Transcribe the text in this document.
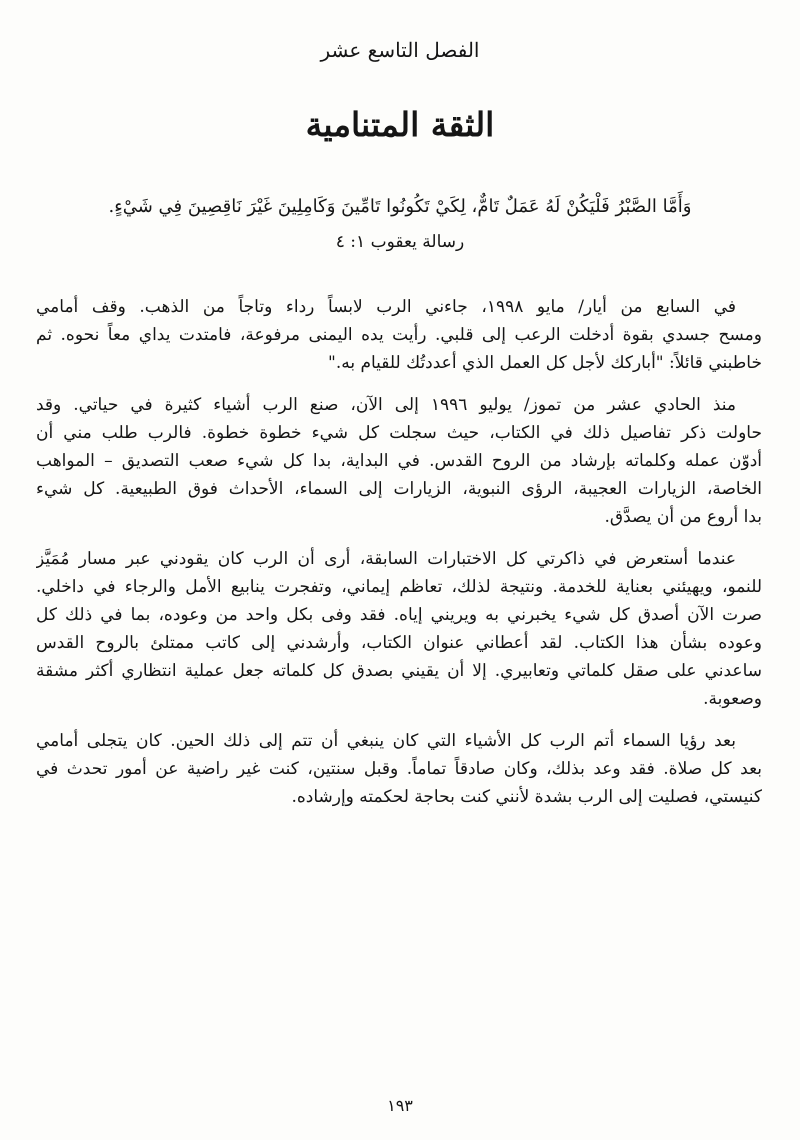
الفصل التاسع عشر
الثقة المتنامية
وَأَمَّا الصَّبْرُ فَلْيَكُنْ لَهُ عَمَلٌ تَامٌّ، لِكَيْ تَكُونُوا تَامِّينَ وَكَامِلِينَ غَيْرَ نَاقِصِينَ فِي شَيْءٍ.
رسالة يعقوب ١: ٤
في السابع من أيار/ مايو ١٩٩٨، جاءني الرب لابساً رداء وتاجاً من الذهب. وقف أمامي
ومسح جسدي بقوة أدخلت الرعب إلى قلبي. رأيت يده اليمنى مرفوعة، فامتدت يداي معاً نحوه. ثم
خاطبني قائلاً: "أباركك لأجل كل العمل الذي أعددتُك للقيام به."
منذ الحادي عشر من تموز/ يوليو ١٩٩٦ إلى الآن، صنع الرب أشياء كثيرة في حياتي. وقد
حاولت ذكر تفاصيل ذلك في الكتاب، حيث سجلت كل شيء خطوة خطوة. فالرب طلب مني أن
أدوّن عمله وكلماته بإرشاد من الروح القدس. في البداية، بدا كل شيء صعب التصديق – المواهب
الخاصة، الزيارات العجيبة، الرؤى النبوية، الزيارات إلى السماء، الأحداث فوق الطبيعية. كل شيء
بدا أروع من أن يصدَّق.
عندما أستعرض في ذاكرتي كل الاختبارات السابقة، أرى أن الرب كان يقودني عبر مسار مُمَيَّز
للنمو، ويهيئني بعناية للخدمة. ونتيجة لذلك، تعاظم إيماني، وتفجرت ينابيع الأمل والرجاء في داخلي.
صرت الآن أصدق كل شيء يخبرني به ويريني إياه. فقد وفى بكل واحد من وعوده، بما في ذلك كل
وعوده بشأن هذا الكتاب. لقد أعطاني عنوان الكتاب، وأرشدني إلى كاتب ممتلئ بالروح القدس
ساعدني على صقل كلماتي وتعابيري. إلا أن يقيني بصدق كل كلماته جعل عملية انتظاري أكثر مشقة
وصعوبة.
بعد رؤيا السماء أتم الرب كل الأشياء التي كان ينبغي أن تتم إلى ذلك الحين. كان يتجلى أمامي
بعد كل صلاة. فقد وعد بذلك، وكان صادقاً تماماً. وقبل سنتين، كنت غير راضية عن أمور تحدث في
كنيستي، فصليت إلى الرب بشدة لأنني كنت بحاجة لحكمته وإرشاده.
١٩٣
